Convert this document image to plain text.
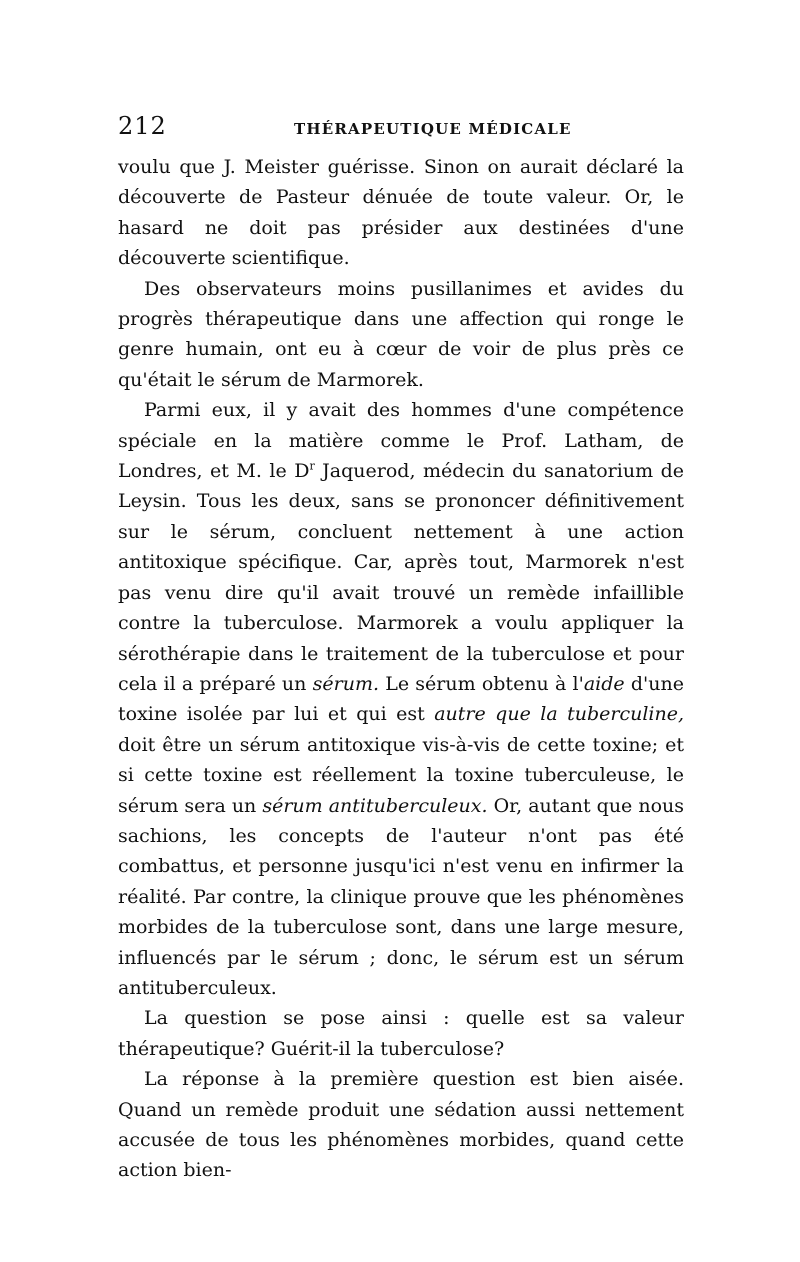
212	THÉRAPEUTIQUE MÉDICALE

voulu que J. Meister guérisse. Sinon on aurait déclaré la découverte de Pasteur dénuée de toute valeur. Or, le hasard ne doit pas présider aux destinées d'une découverte scientifique.

Des observateurs moins pusillanimes et avides du progrès thérapeutique dans une affection qui ronge le genre humain, ont eu à cœur de voir de plus près ce qu'était le sérum de Marmorek.

Parmi eux, il y avait des hommes d'une compétence spéciale en la matière comme le Prof. Latham, de Londres, et M. le $D^r$ Jaquerod, médecin du sanatorium de Leysin. Tous les deux, sans se prononcer définitivement sur le sérum, concluent nettement à une action antitoxique spécifique. Car, après tout, Marmorek n'est pas venu dire qu'il avait trouvé un remède infaillible contre la tuberculose. Marmorek a voulu appliquer la sérothérapie dans le traitement de la tuberculose et pour cela il a préparé un sérum. Le sérum obtenu à l'aide d'une toxine isolée par lui et qui est autre que la tuberculine, doit être un sérum antitoxique vis-à-vis de cette toxine; et si cette toxine est réellement la toxine tuberculeuse, le sérum sera un sérum antituberculeux. Or, autant que nous sachions, les concepts de l'auteur n'ont pas été combattus, et personne jusqu'ici n'est venu en infirmer la réalité. Par contre, la clinique prouve que les phénomènes morbides de la tuberculose sont, dans une large mesure, influencés par le sérum ; donc, le sérum est un sérum antituberculeux.

La question se pose ainsi : quelle est sa valeur thérapeutique? Guérit-il la tuberculose?

La réponse à la première question est bien aisée. Quand un remède produit une sédation aussi nettement accusée de tous les phénomènes morbides, quand cette action bien-
